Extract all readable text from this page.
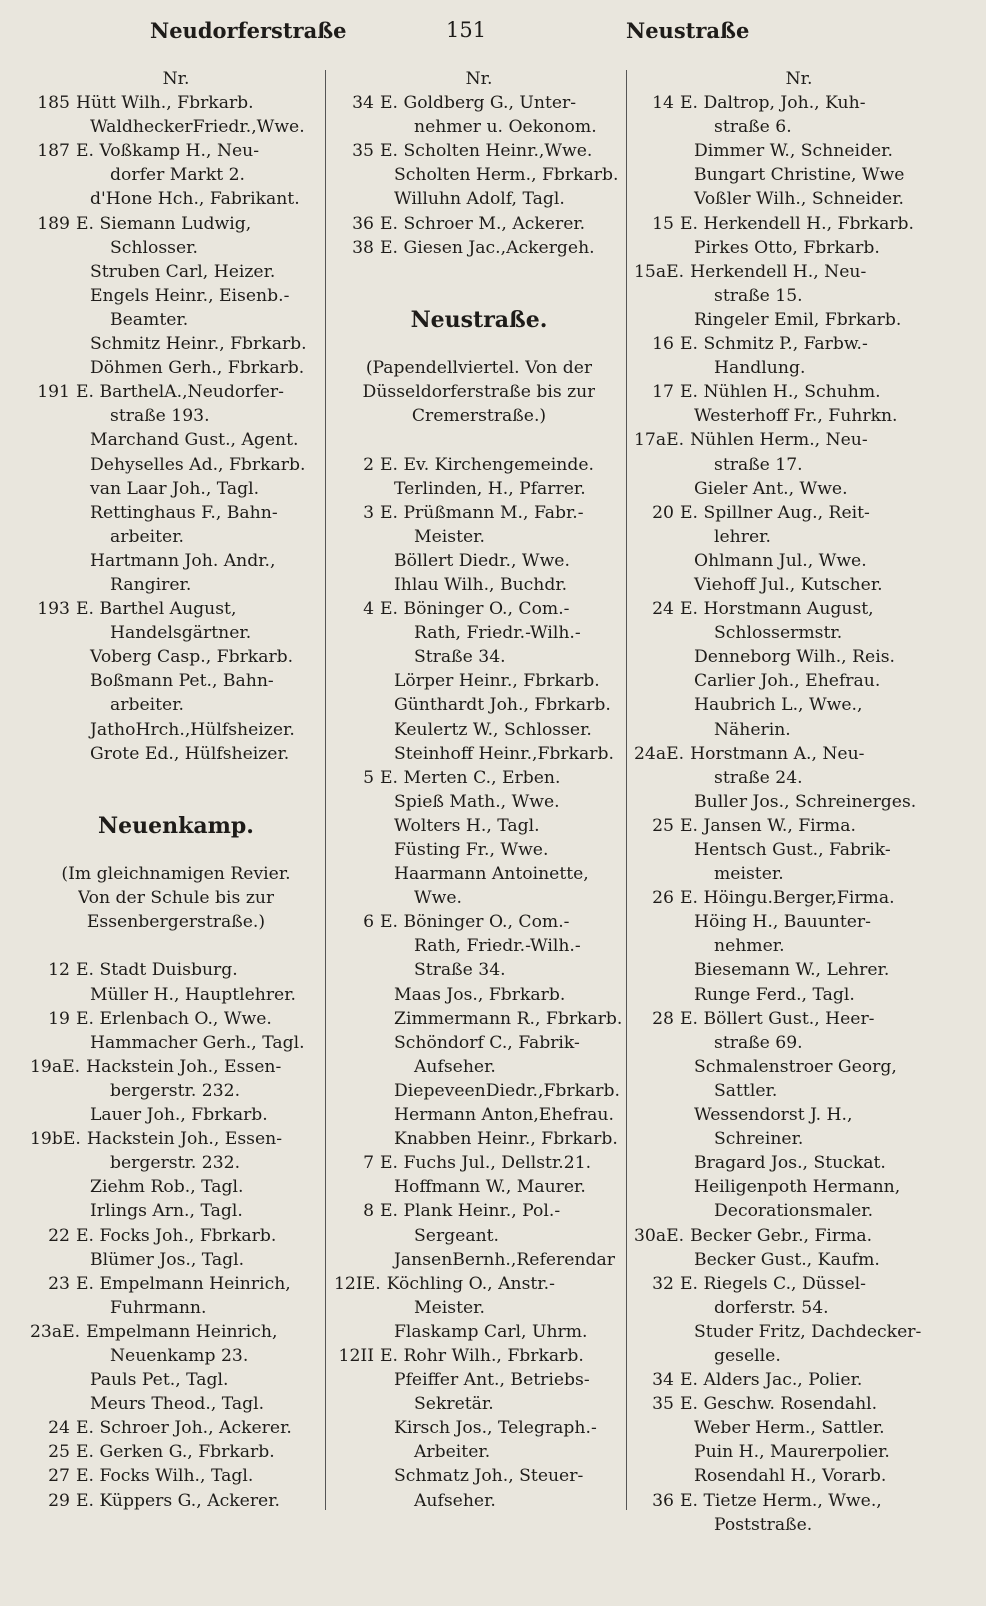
Neudorferstraße	151	Neustraße
Nr.
185 Hütt Wilh., Fbrkarb.
WaldheckerFriedr.,Wwe.
187 E. Voßkamp H., Neu-
dorfer Markt 2.
d'Hone Hch., Fabrikant.
189 E. Siemann Ludwig,
Schlosser.
Struben Carl, Heizer.
Engels Heinr., Eisenb.-
Beamter.
Schmitz Heinr., Fbrkarb.
Döhmen Gerh., Fbrkarb.
191 E. BarthelA.,Neudorfer-
straße 193.
Marchand Gust., Agent.
Dehyselles Ad., Fbrkarb.
van Laar Joh., Tagl.
Rettinghaus F., Bahn-
arbeiter.
Hartmann Joh. Andr.,
Rangirer.
193 E. Barthel August,
Handelsgärtner.
Voberg Casp., Fbrkarb.
Boßmann Pet., Bahn-
arbeiter.
JathoHrch.,Hülfsheizer.
Grote Ed., Hülfsheizer.
Neuenkamp.
(Im gleichnamigen Revier.
Von der Schule bis zur
Essenbergerstraße.)
12 E. Stadt Duisburg.
Müller H., Hauptlehrer.
19 E. Erlenbach O., Wwe.
Hammacher Gerh., Tagl.
19aE. Hackstein Joh., Essen-
bergerstr. 232.
Lauer Joh., Fbrkarb.
19bE. Hackstein Joh., Essen-
bergerstr. 232.
Ziehm Rob., Tagl.
Irlings Arn., Tagl.
22 E. Focks Joh., Fbrkarb.
Blümer Jos., Tagl.
23 E. Empelmann Heinrich,
Fuhrmann.
23aE. Empelmann Heinrich,
Neuenkamp 23.
Pauls Pet., Tagl.
Meurs Theod., Tagl.
24 E. Schroer Joh., Ackerer.
25 E. Gerken G., Fbrkarb.
27 E. Focks Wilh., Tagl.
29 E. Küppers G., Ackerer.
Nr.
34 E. Goldberg G., Unter-
nehmer u. Oekonom.
35 E. Scholten Heinr.,Wwe.
Scholten Herm., Fbrkarb.
Willuhn Adolf, Tagl.
36 E. Schroer M., Ackerer.
38 E. Giesen Jac.,Ackergeh.
Neustraße.
(Papendellviertel. Von der
Düsseldorferstraße bis zur
Cremerstraße.)
2 E. Ev. Kirchengemeinde.
Terlinden, H., Pfarrer.
3 E. Prüßmann M., Fabr.-
Meister.
Böllert Diedr., Wwe.
Ihlau Wilh., Buchdr.
4 E. Böninger O., Com.-
Rath, Friedr.-Wilh.-
Straße 34.
Lörper Heinr., Fbrkarb.
Günthardt Joh., Fbrkarb.
Keulertz W., Schlosser.
Steinhoff Heinr.,Fbrkarb.
5 E. Merten C., Erben.
Spieß Math., Wwe.
Wolters H., Tagl.
Füsting Fr., Wwe.
Haarmann Antoinette,
Wwe.
6 E. Böninger O., Com.-
Rath, Friedr.-Wilh.-
Straße 34.
Maas Jos., Fbrkarb.
Zimmermann R., Fbrkarb.
Schöndorf C., Fabrik-
Aufseher.
DiepeveenDiedr.,Fbrkarb.
Hermann Anton,Ehefrau.
Knabben Heinr., Fbrkarb.
7 E. Fuchs Jul., Dellstr.21.
Hoffmann W., Maurer.
8 E. Plank Heinr., Pol.-
Sergeant.
JansenBernh.,Referendar
12IE. Köchling O., Anstr.-
Meister.
Flaskamp Carl, Uhrm.
12II E. Rohr Wilh., Fbrkarb.
Pfeiffer Ant., Betriebs-
Sekretär.
Kirsch Jos., Telegraph.-
Arbeiter.
Schmatz Joh., Steuer-
Aufseher.
Nr.
14 E. Daltrop, Joh., Kuh-
straße 6.
Dimmer W., Schneider.
Bungart Christine, Wwe
Voßler Wilh., Schneider.
15 E. Herkendell H., Fbrkarb.
Pirkes Otto, Fbrkarb.
15aE. Herkendell H., Neu-
straße 15.
Ringeler Emil, Fbrkarb.
16 E. Schmitz P., Farbw.-
Handlung.
17 E. Nühlen H., Schuhm.
Westerhoff Fr., Fuhrkn.
17aE. Nühlen Herm., Neu-
straße 17.
Gieler Ant., Wwe.
20 E. Spillner Aug., Reit-
lehrer.
Ohlmann Jul., Wwe.
Viehoff Jul., Kutscher.
24 E. Horstmann August,
Schlossermstr.
Denneborg Wilh., Reis.
Carlier Joh., Ehefrau.
Haubrich L., Wwe.,
Näherin.
24aE. Horstmann A., Neu-
straße 24.
Buller Jos., Schreinerges.
25 E. Jansen W., Firma.
Hentsch Gust., Fabrik-
meister.
26 E. Höingu.Berger,Firma.
Höing H., Bauunter-
nehmer.
Biesemann W., Lehrer.
Runge Ferd., Tagl.
28 E. Böllert Gust., Heer-
straße 69.
Schmalenstroer Georg,
Sattler.
Wessendorst J. H.,
Schreiner.
Bragard Jos., Stuckat.
Heiligenpoth Hermann,
Decorationsmaler.
30aE. Becker Gebr., Firma.
Becker Gust., Kaufm.
32 E. Riegels C., Düssel-
dorferstr. 54.
Studer Fritz, Dachdecker-
geselle.
34 E. Alders Jac., Polier.
35 E. Geschw. Rosendahl.
Weber Herm., Sattler.
Puin H., Maurerpolier.
Rosendahl H., Vorarb.
36 E. Tietze Herm., Wwe.,
Poststraße.
